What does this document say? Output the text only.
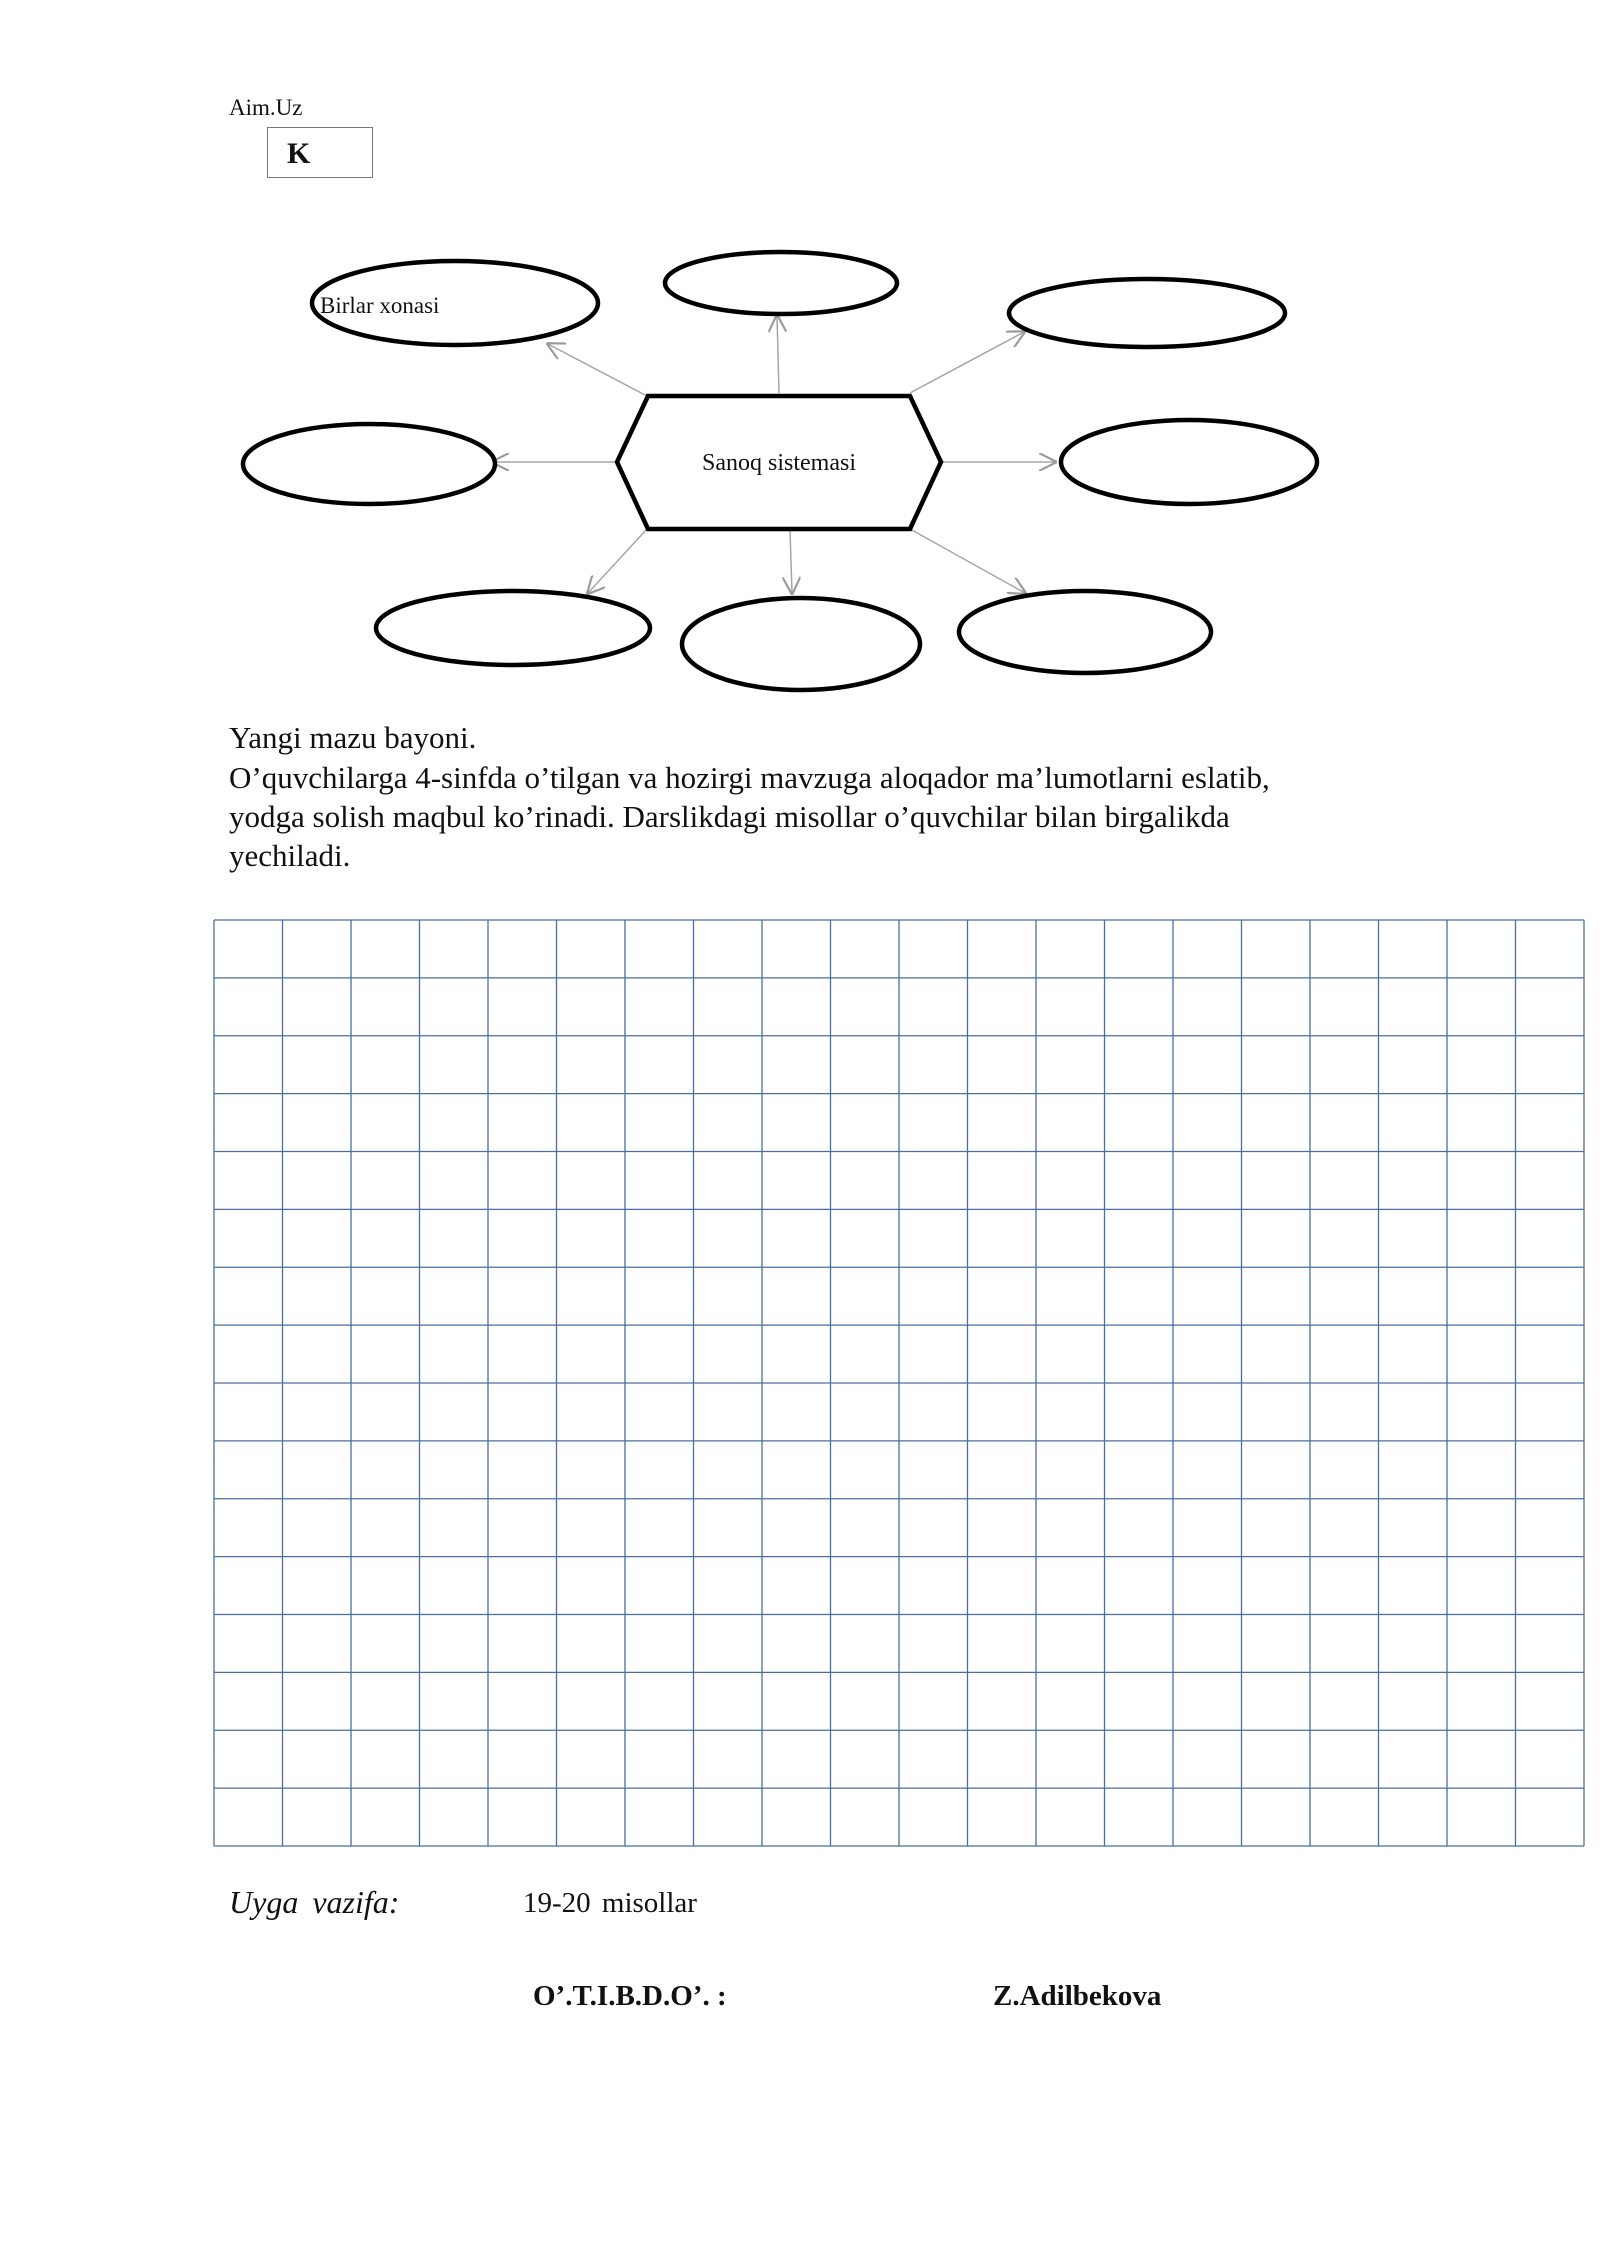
Aim.Uz
K
Sanoq sistemasi
Birlar xonasi
Yangi mazu bayoni.
O’quvchilarga 4-sinfda o’tilgan va hozirgi mavzuga aloqador ma’lumotlarni eslatib,
yodga solish maqbul ko’rinadi. Darslikdagi misollar o’quvchilar bilan birgalikda
yechiladi.
Uyga vazifa:	19-20 misollar
O’.T.I.B.D.O’. :	Z.Adilbekova
